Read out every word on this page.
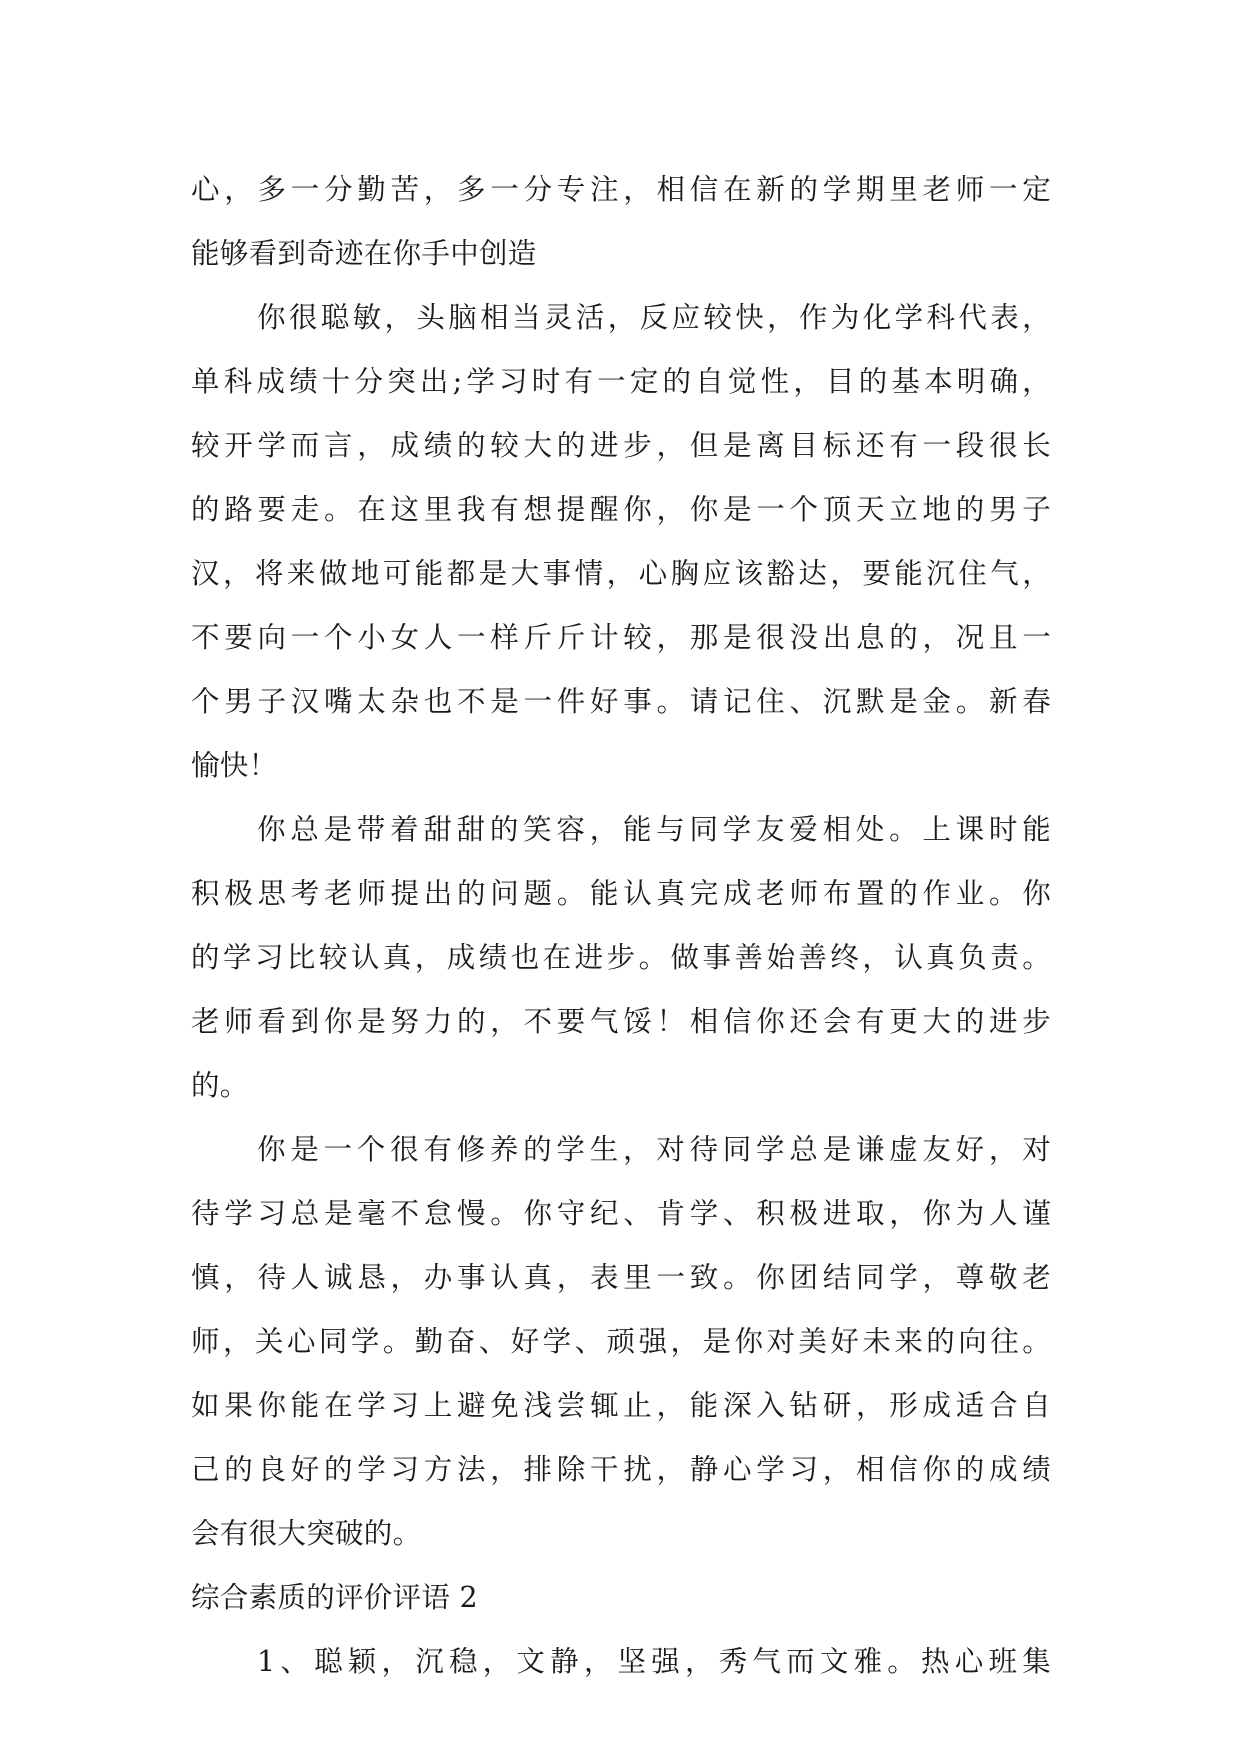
心，多一分勤苦，多一分专注，相信在新的学期里老师一定
能够看到奇迹在你手中创造
你很聪敏，头脑相当灵活，反应较快，作为化学科代表，
单科成绩十分突出;学习时有一定的自觉性，目的基本明确，
较开学而言，成绩的较大的进步，但是离目标还有一段很长
的路要走。在这里我有想提醒你，你是一个顶天立地的男子
汉，将来做地可能都是大事情，心胸应该豁达，要能沉住气，
不要向一个小女人一样斤斤计较，那是很没出息的，况且一
个男子汉嘴太杂也不是一件好事。请记住、沉默是金。新春
愉快！
你总是带着甜甜的笑容，能与同学友爱相处。上课时能
积极思考老师提出的问题。能认真完成老师布置的作业。你
的学习比较认真，成绩也在进步。做事善始善终，认真负责。
老师看到你是努力的，不要气馁！相信你还会有更大的进步
的。
你是一个很有修养的学生，对待同学总是谦虚友好，对
待学习总是毫不怠慢。你守纪、肯学、积极进取，你为人谨
慎，待人诚恳，办事认真，表里一致。你团结同学，尊敬老
师，关心同学。勤奋、好学、顽强，是你对美好未来的向往。
如果你能在学习上避免浅尝辄止，能深入钻研，形成适合自
己的良好的学习方法，排除干扰，静心学习，相信你的成绩
会有很大突破的。
综合素质的评价评语 2
1、聪颖，沉稳，文静，坚强，秀气而文雅。热心班集
